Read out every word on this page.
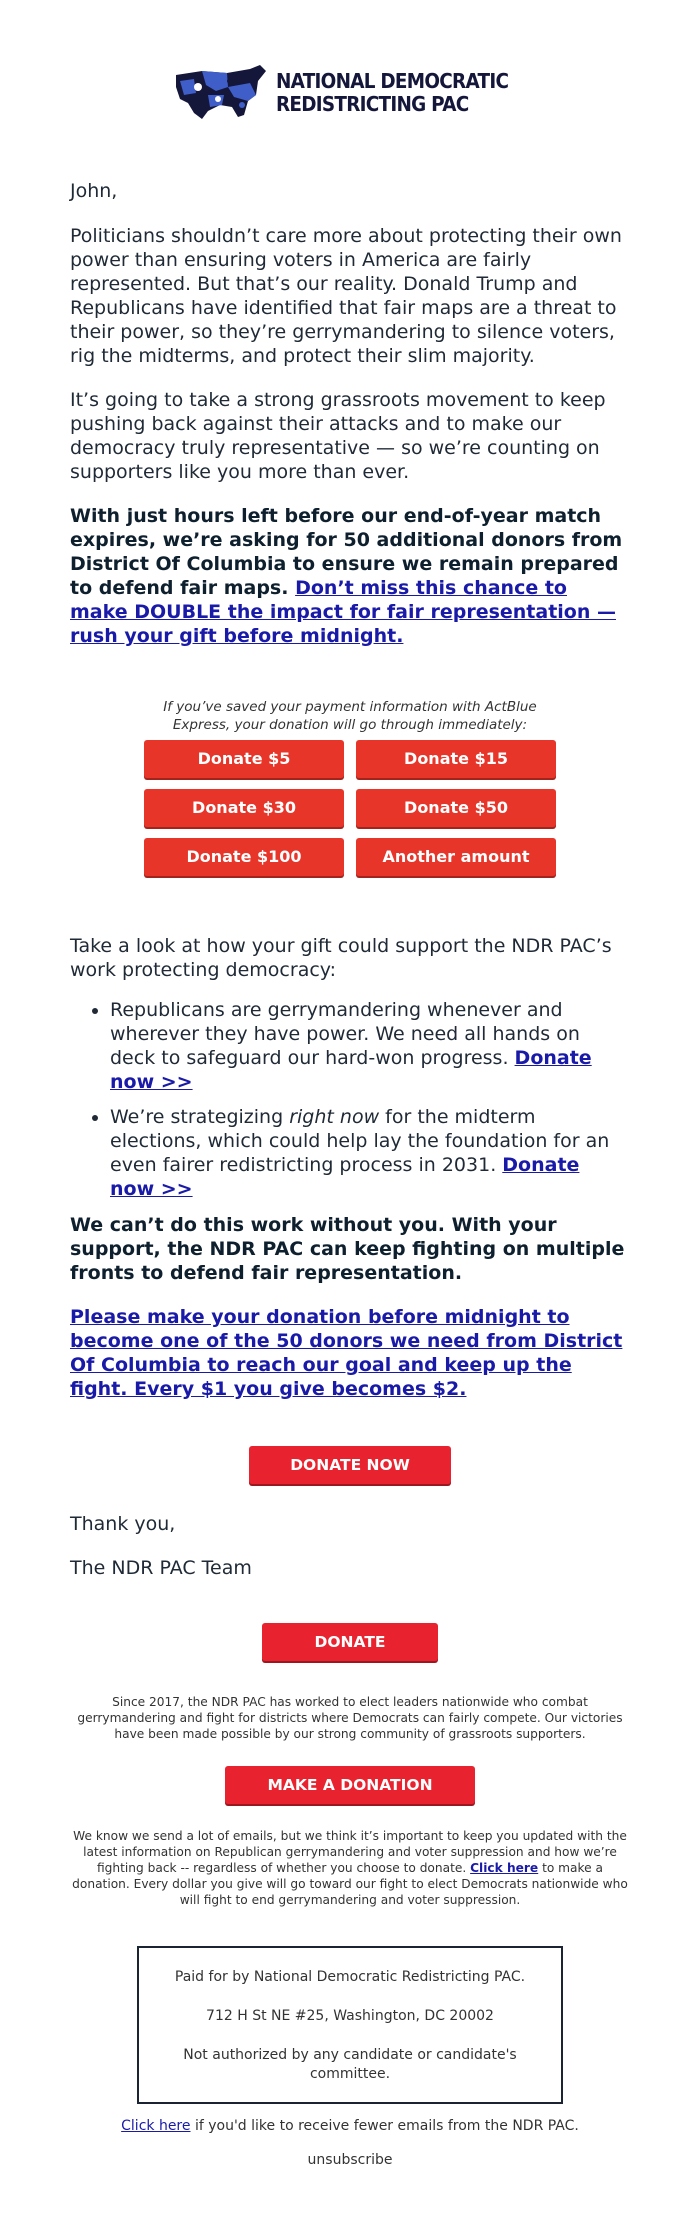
NATIONAL DEMOCRATIC
REDISTRICTING PAC

John,

Politicians shouldn’t care more about protecting their own power than ensuring voters in America are fairly represented. But that’s our reality. Donald Trump and Republicans have identified that fair maps are a threat to their power, so they’re gerrymandering to silence voters, rig the midterms, and protect their slim majority.

It’s going to take a strong grassroots movement to keep pushing back against their attacks and to make our democracy truly representative — so we’re counting on supporters like you more than ever.

With just hours left before our end-of-year match expires, we’re asking for 50 additional donors from District Of Columbia to ensure we remain prepared to defend fair maps. Don’t miss this chance to make DOUBLE the impact for fair representation — rush your gift before midnight.

If you’ve saved your payment information with ActBlue Express, your donation will go through immediately:

Donate $5	Donate $15
Donate $30	Donate $50
Donate $100	Another amount

Take a look at how your gift could support the NDR PAC’s work protecting democracy:

• Republicans are gerrymandering whenever and wherever they have power. We need all hands on deck to safeguard our hard-won progress. Donate now >>
• We’re strategizing right now for the midterm elections, which could help lay the foundation for an even fairer redistricting process in 2031. Donate now >>

We can’t do this work without you. With your support, the NDR PAC can keep fighting on multiple fronts to defend fair representation.

Please make your donation before midnight to become one of the 50 donors we need from District Of Columbia to reach our goal and keep up the fight. Every $1 you give becomes $2.

DONATE NOW

Thank you,

The NDR PAC Team

DONATE

Since 2017, the NDR PAC has worked to elect leaders nationwide who combat gerrymandering and fight for districts where Democrats can fairly compete. Our victories have been made possible by our strong community of grassroots supporters.

MAKE A DONATION

We know we send a lot of emails, but we think it’s important to keep you updated with the latest information on Republican gerrymandering and voter suppression and how we’re fighting back -- regardless of whether you choose to donate. Click here to make a donation. Every dollar you give will go toward our fight to elect Democrats nationwide who will fight to end gerrymandering and voter suppression.

Paid for by National Democratic Redistricting PAC.

712 H St NE #25, Washington, DC 20002

Not authorized by any candidate or candidate's committee.

Click here if you'd like to receive fewer emails from the NDR PAC.

unsubscribe
